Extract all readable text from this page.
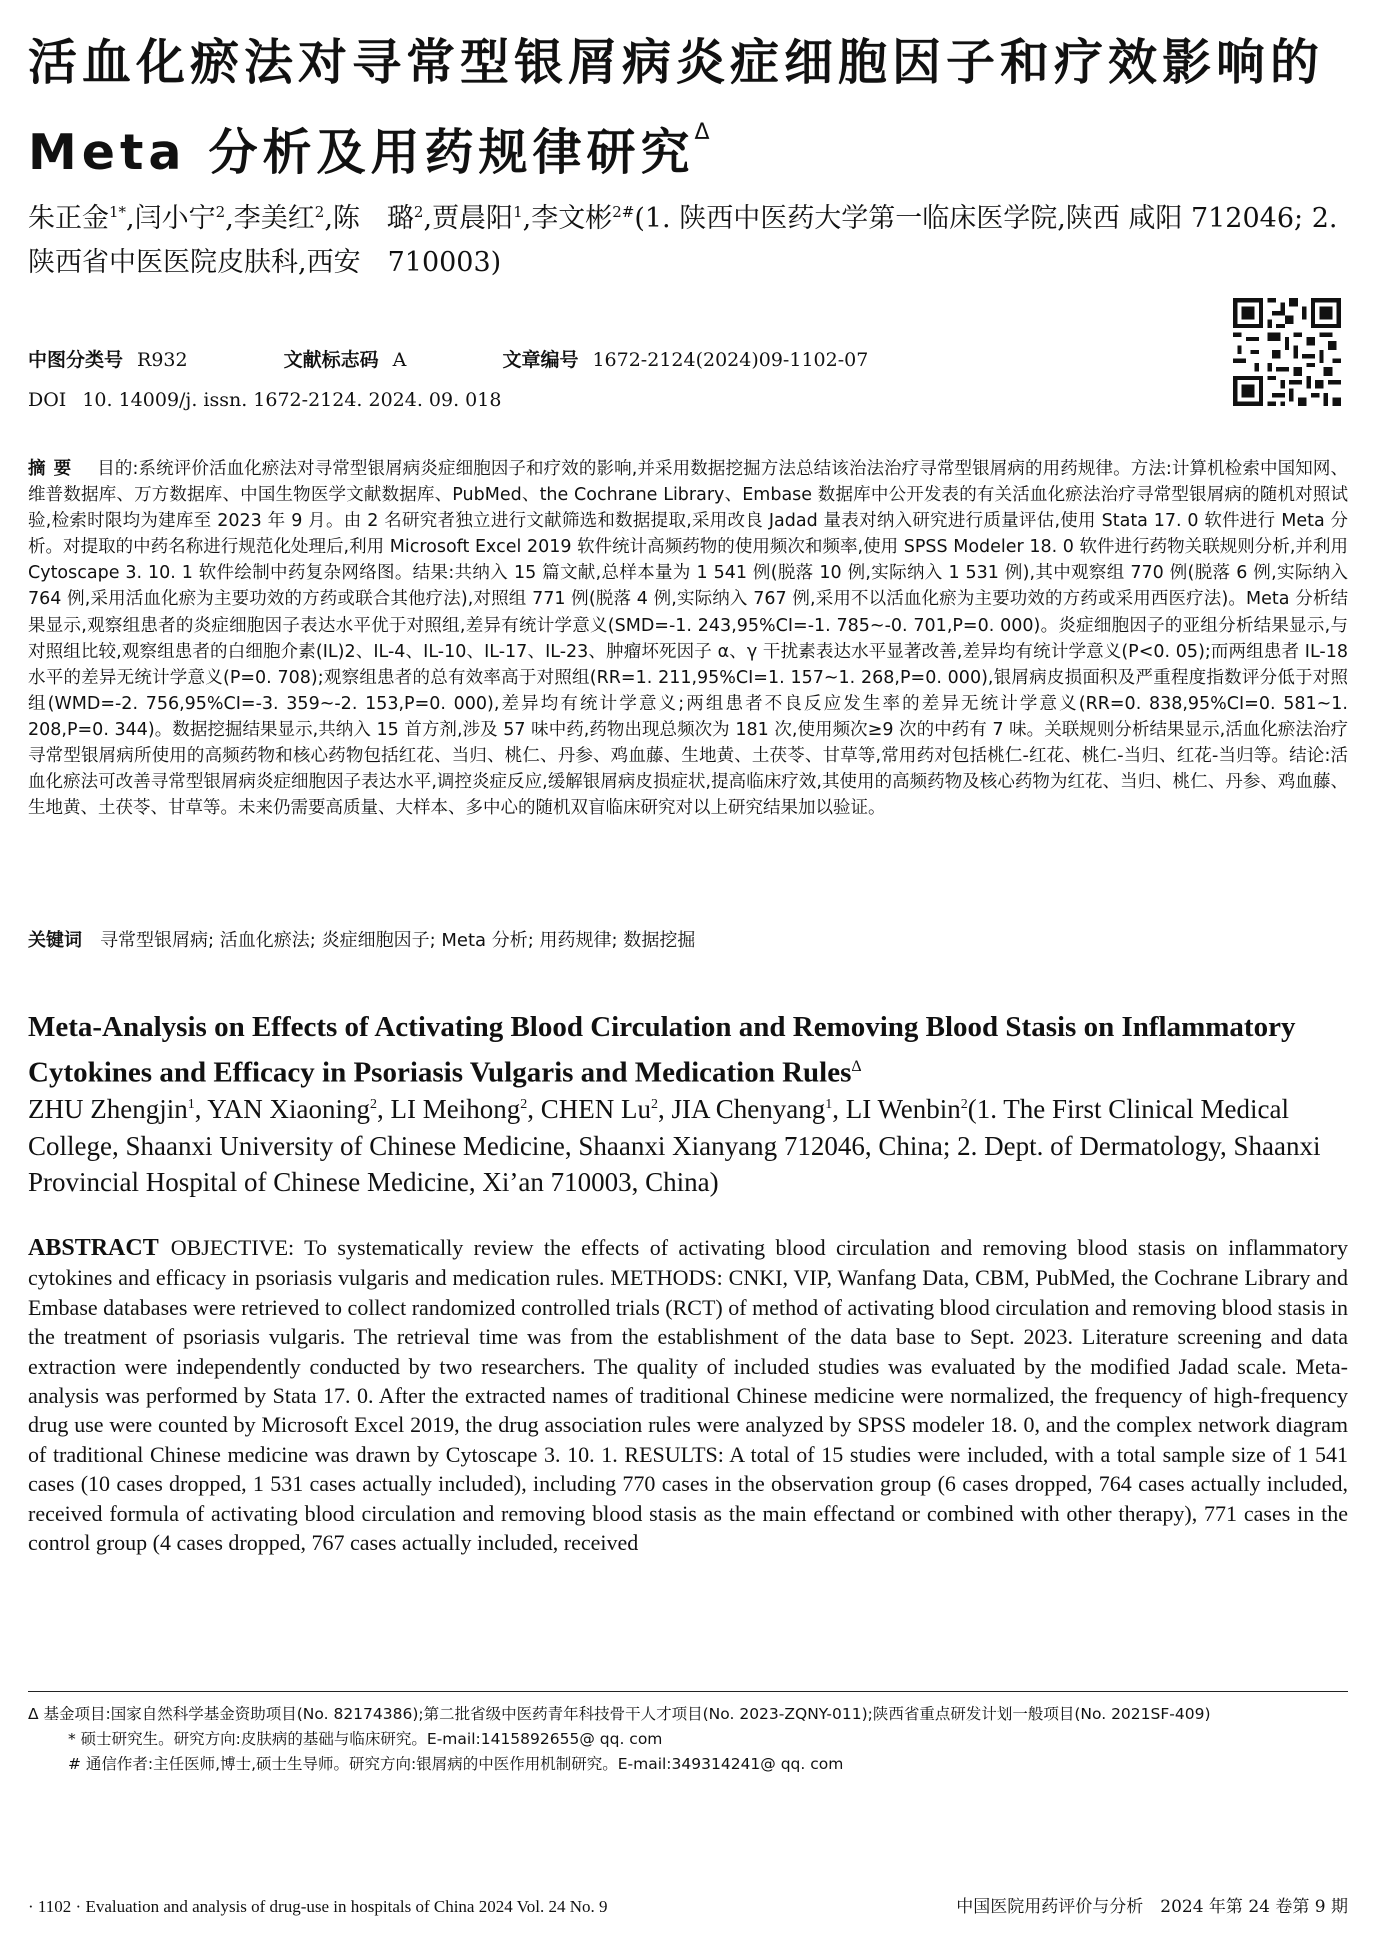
活血化瘀法对寻常型银屑病炎症细胞因子和疗效影响的 Meta 分析及用药规律研究$^\Delta$

朱正金$^{1*}$,闫小宁$^2$,李美红$^2$,陈　璐$^2$,贾晨阳$^1$,李文彬$^{2\#}$(1. 陕西中医药大学第一临床医学院,陕西 咸阳 712046; 2. 陕西省中医医院皮肤科,西安　710003)

中图分类号 R932	文献标志码 A	文章编号 1672-2124(2024)09-1102-07
DOI 10. 14009/j. issn. 1672-2124. 2024. 09. 018

摘要 目的:系统评价活血化瘀法对寻常型银屑病炎症细胞因子和疗效的影响,并采用数据挖掘方法总结该治法治疗寻常型银屑病的用药规律。方法:计算机检索中国知网、维普数据库、万方数据库、中国生物医学文献数据库、PubMed、the Cochrane Library、Embase 数据库中公开发表的有关活血化瘀法治疗寻常型银屑病的随机对照试验,检索时限均为建库至 2023 年 9 月。由 2 名研究者独立进行文献筛选和数据提取,采用改良 Jadad 量表对纳入研究进行质量评估,使用 Stata 17. 0 软件进行 Meta 分析。对提取的中药名称进行规范化处理后,利用 Microsoft Excel 2019 软件统计高频药物的使用频次和频率,使用 SPSS Modeler 18. 0 软件进行药物关联规则分析,并利用 Cytoscape 3. 10. 1 软件绘制中药复杂网络图。结果:共纳入 15 篇文献,总样本量为 1 541 例(脱落 10 例,实际纳入 1 531 例),其中观察组 770 例(脱落 6 例,实际纳入 764 例,采用活血化瘀为主要功效的方药或联合其他疗法),对照组 771 例(脱落 4 例,实际纳入 767 例,采用不以活血化瘀为主要功效的方药或采用西医疗法)。Meta 分析结果显示,观察组患者的炎症细胞因子表达水平优于对照组,差异有统计学意义(SMD=-1. 243,95%CI=-1. 785~-0. 701,P=0. 000)。炎症细胞因子的亚组分析结果显示,与对照组比较,观察组患者的白细胞介素(IL)2、IL-4、IL-10、IL-17、IL-23、肿瘤坏死因子 α、γ 干扰素表达水平显著改善,差异均有统计学意义(P<0. 05);而两组患者 IL-18 水平的差异无统计学意义(P=0. 708);观察组患者的总有效率高于对照组(RR=1. 211,95%CI=1. 157~1. 268,P=0. 000),银屑病皮损面积及严重程度指数评分低于对照组(WMD=-2. 756,95%CI=-3. 359~-2. 153,P=0. 000),差异均有统计学意义;两组患者不良反应发生率的差异无统计学意义(RR=0. 838,95%CI=0. 581~1. 208,P=0. 344)。数据挖掘结果显示,共纳入 15 首方剂,涉及 57 味中药,药物出现总频次为 181 次,使用频次≥9 次的中药有 7 味。关联规则分析结果显示,活血化瘀法治疗寻常型银屑病所使用的高频药物和核心药物包括红花、当归、桃仁、丹参、鸡血藤、生地黄、土茯苓、甘草等,常用药对包括桃仁-红花、桃仁-当归、红花-当归等。结论:活血化瘀法可改善寻常型银屑病炎症细胞因子表达水平,调控炎症反应,缓解银屑病皮损症状,提高临床疗效,其使用的高频药物及核心药物为红花、当归、桃仁、丹参、鸡血藤、生地黄、土茯苓、甘草等。未来仍需要高质量、大样本、多中心的随机双盲临床研究对以上研究结果加以验证。

关键词 寻常型银屑病; 活血化瘀法; 炎症细胞因子; Meta 分析; 用药规律; 数据挖掘

Meta-Analysis on Effects of Activating Blood Circulation and Removing Blood Stasis on Inflammatory Cytokines and Efficacy in Psoriasis Vulgaris and Medication Rules$^\Delta$

ZHU Zhengjin$^1$, YAN Xiaoning$^2$, LI Meihong$^2$, CHEN Lu$^2$, JIA Chenyang$^1$, LI Wenbin$^2$(1. The First Clinical Medical College, Shaanxi University of Chinese Medicine, Shaanxi Xianyang 712046, China; 2. Dept. of Dermatology, Shaanxi Provincial Hospital of Chinese Medicine, Xi’an 710003, China)

ABSTRACT OBJECTIVE: To systematically review the effects of activating blood circulation and removing blood stasis on inflammatory cytokines and efficacy in psoriasis vulgaris and medication rules. METHODS: CNKI, VIP, Wanfang Data, CBM, PubMed, the Cochrane Library and Embase databases were retrieved to collect randomized controlled trials (RCT) of method of activating blood circulation and removing blood stasis in the treatment of psoriasis vulgaris. The retrieval time was from the establishment of the data base to Sept. 2023. Literature screening and data extraction were independently conducted by two researchers. The quality of included studies was evaluated by the modified Jadad scale. Meta-analysis was performed by Stata 17. 0. After the extracted names of traditional Chinese medicine were normalized, the frequency of high-frequency drug use were counted by Microsoft Excel 2019, the drug association rules were analyzed by SPSS modeler 18. 0, and the complex network diagram of traditional Chinese medicine was drawn by Cytoscape 3. 10. 1. RESULTS: A total of 15 studies were included, with a total sample size of 1 541 cases (10 cases dropped, 1 531 cases actually included), including 770 cases in the observation group (6 cases dropped, 764 cases actually included, received formula of activating blood circulation and removing blood stasis as the main effectand or combined with other therapy), 771 cases in the control group (4 cases dropped, 767 cases actually included, received

Δ 基金项目:国家自然科学基金资助项目(No. 82174386);第二批省级中医药青年科技骨干人才项目(No. 2023-ZQNY-011);陕西省重点研发计划一般项目(No. 2021SF-409)

* 硕士研究生。研究方向:皮肤病的基础与临床研究。E-mail:1415892655@ qq. com

# 通信作者:主任医师,博士,硕士生导师。研究方向:银屑病的中医作用机制研究。E-mail:349314241@ qq. com

· 1102 · Evaluation and analysis of drug-use in hospitals of China 2024 Vol. 24 No. 9	中国医院用药评价与分析　2024 年第 24 卷第 9 期
